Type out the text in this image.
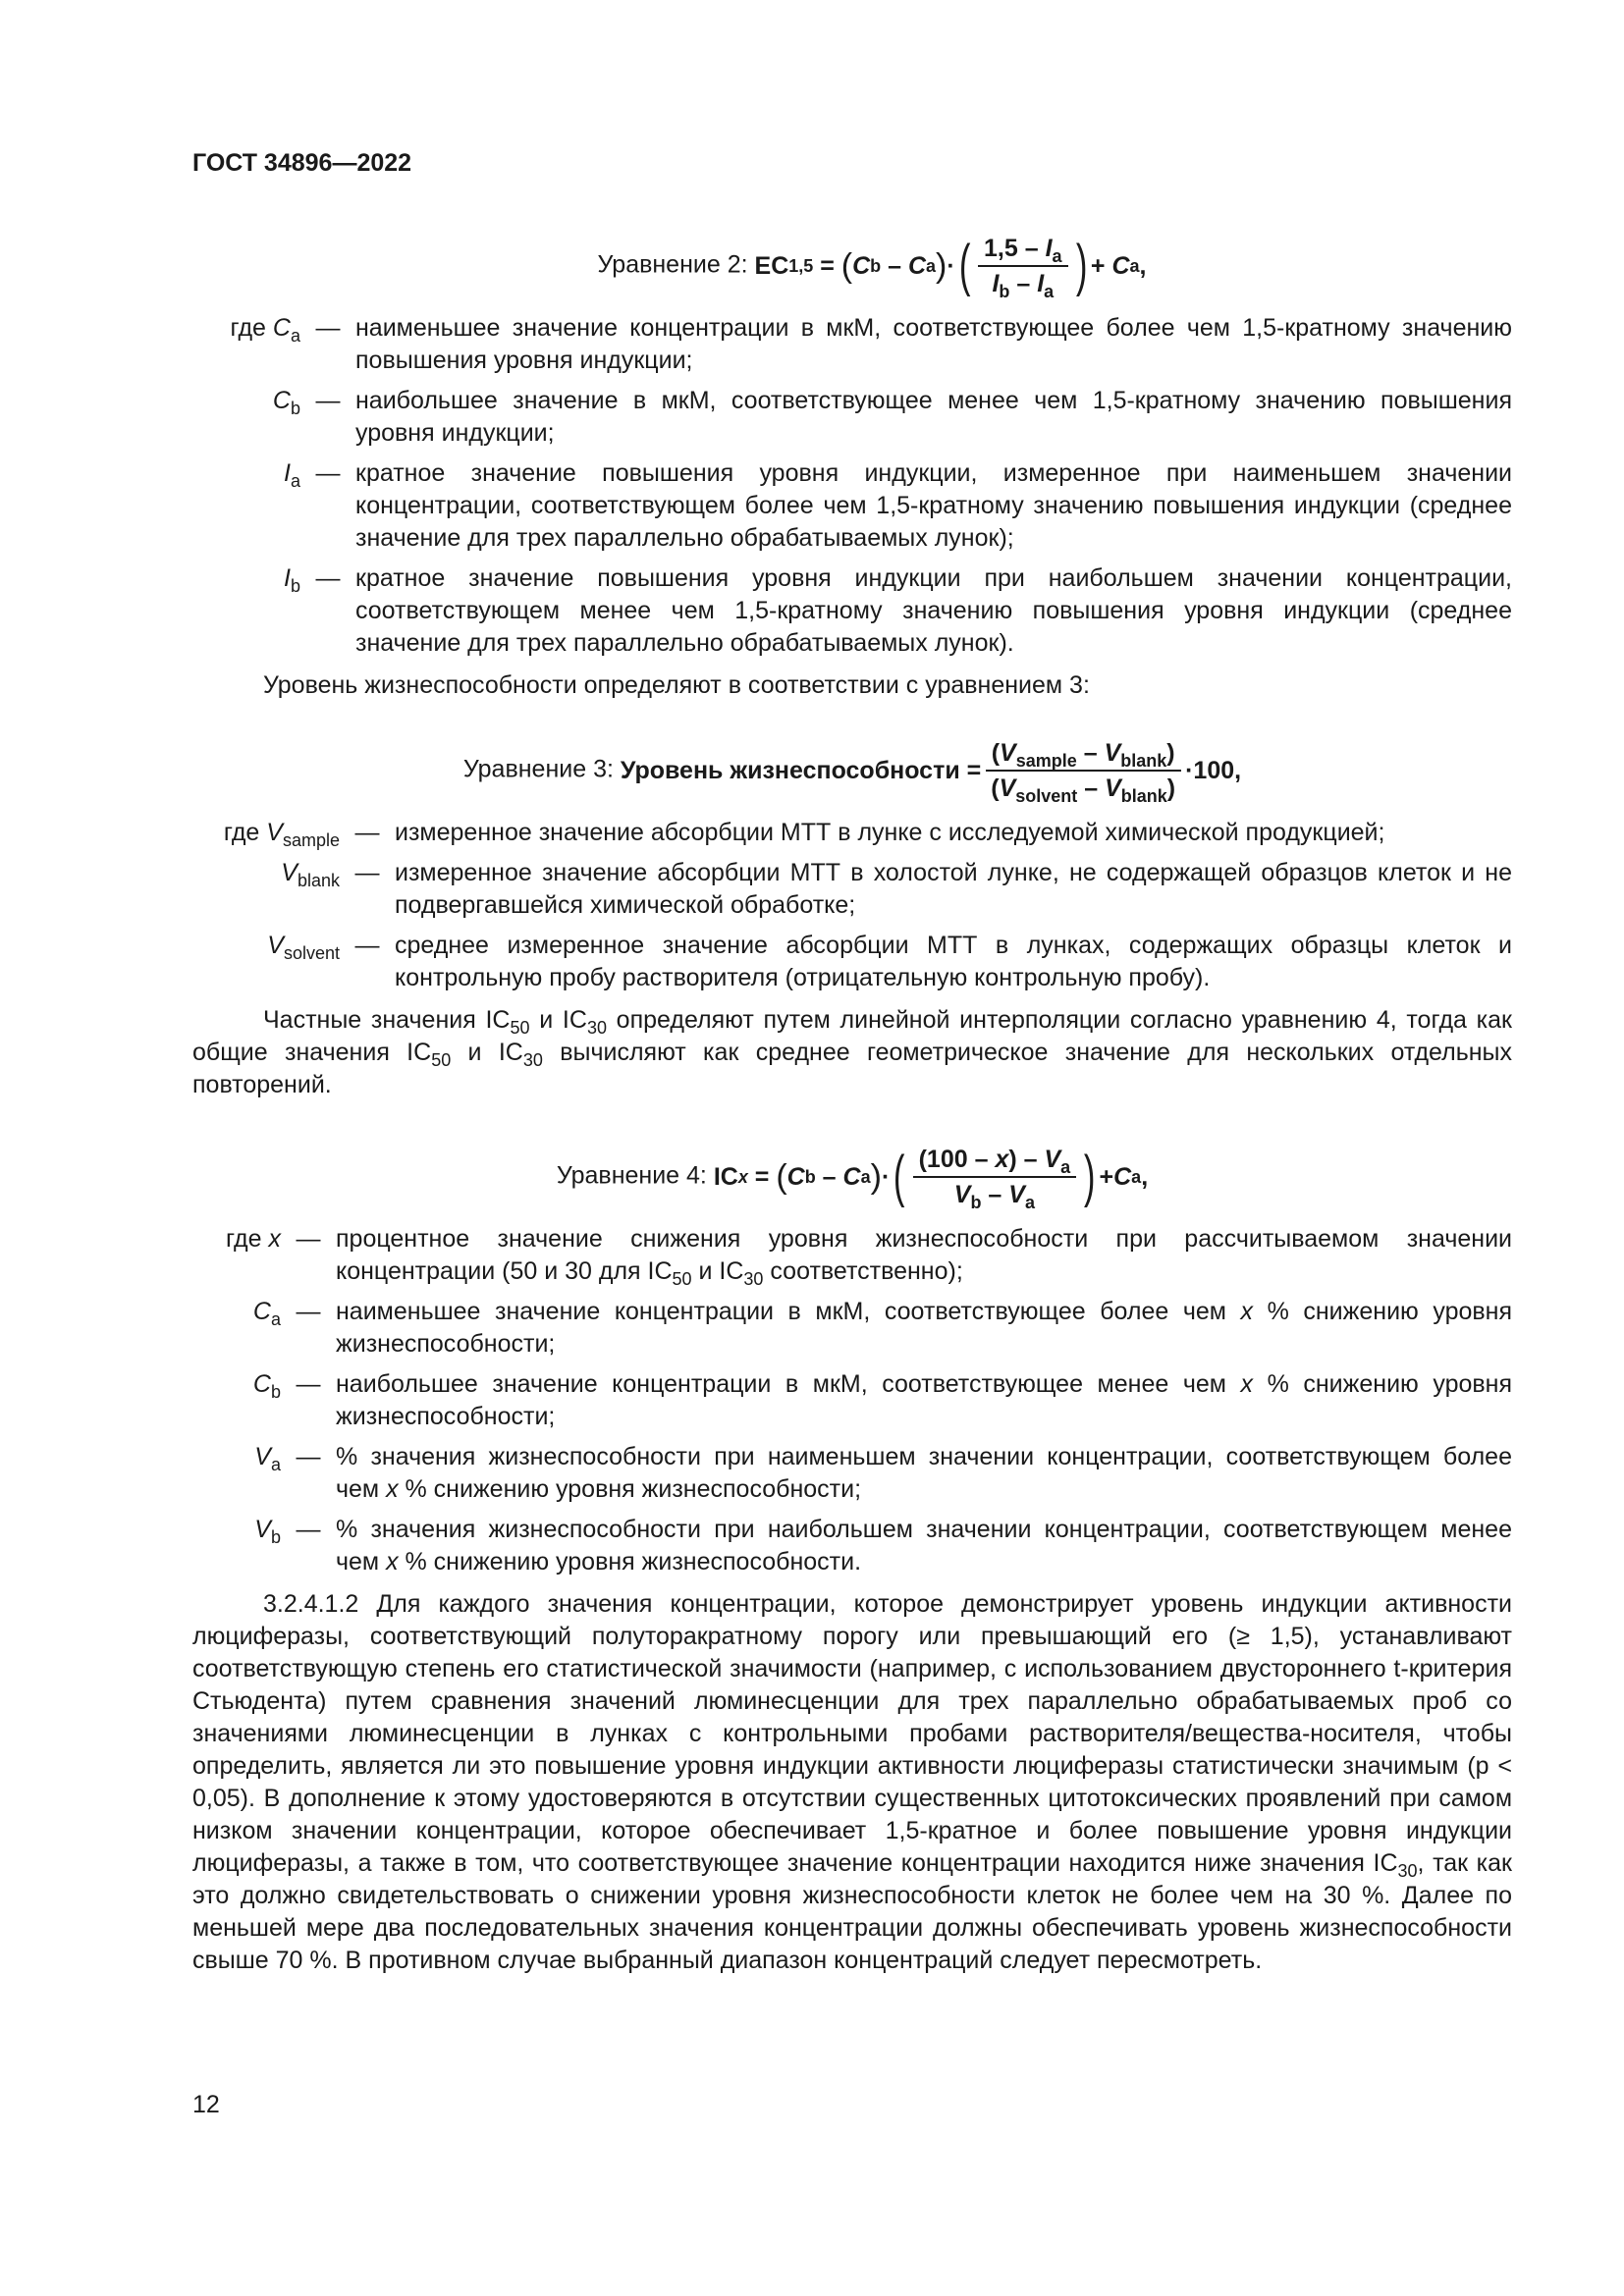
ГОСТ 34896—2022
Уравнение 2: EC 1,5 = ( C b – C a ) · ( $\frac{1,5 - I_a}{I_b - I_a}$ ) + C a ,
где $C_a$ — наименьшее значение концентрации в мкМ, соответствующее более чем 1,5-кратному значению повышения уровня индукции;
$C_b$ — наибольшее значение в мкМ, соответствующее менее чем 1,5-кратному значению повышения уровня индукции;
$I_a$ — кратное значение повышения уровня индукции, измеренное при наименьшем значении концентрации, соответствующем более чем 1,5-кратному значению повышения индукции (среднее значение для трех параллельно обрабатываемых лунок);
$I_b$ — кратное значение повышения уровня индукции при наибольшем значении концентрации, соответствующем менее чем 1,5-кратному значению повышения уровня индукции (среднее значение для трех параллельно обрабатываемых лунок).

Уровень жизнеспособности определяют в соответствии с уравнением 3:

Уравнение 3: Уровень жизнеспособности = $\frac{(V_{sample} - V_{blank})}{(V_{solvent} - V_{blank})} \cdot 100$,
где $V_{sample}$ — измеренное значение абсорбции МТТ в лунке с исследуемой химической продукцией;
$V_{blank}$ — измеренное значение абсорбции МТТ в холостой лунке, не содержащей образцов клеток и не подвергавшейся химической обработке;
$V_{solvent}$ — среднее измеренное значение абсорбции МТТ в лунках, содержащих образцы клеток и контрольную пробу растворителя (отрицательную контрольную пробу).

Частные значения $IC_{50}$ и $IC_{30}$ определяют путем линейной интерполяции согласно уравнению 4, тогда как общие значения $IC_{50}$ и $IC_{30}$ вычисляют как среднее геометрическое значение для нескольких отдельных повторений.

Уравнение 4: IC x = ( C b – C a ) · ( $\frac{(100 - x) - V_a}{V_b - V_a}$ ) + C a ,
где x — процентное значение снижения уровня жизнеспособности при рассчитываемом значении концентрации (50 и 30 для $IC_{50}$ и $IC_{30}$ соответственно);
$C_a$ — наименьшее значение концентрации в мкМ, соответствующее более чем x % снижению уровня жизнеспособности;
$C_b$ — наибольшее значение концентрации в мкМ, соответствующее менее чем x % снижению уровня жизнеспособности;
$V_a$ — % значения жизнеспособности при наименьшем значении концентрации, соответствующем более чем x % снижению уровня жизнеспособности;
$V_b$ — % значения жизнеспособности при наибольшем значении концентрации, соответствующем менее чем x % снижению уровня жизнеспособности.

3.2.4.1.2 Для каждого значения концентрации, которое демонстрирует уровень индукции активности люциферазы, соответствующий полуторакратному порогу или превышающий его (≥ 1,5), устанавливают соответствующую степень его статистической значимости (например, с использованием двустороннего t-критерия Стьюдента) путем сравнения значений люминесценции для трех параллельно обрабатываемых проб со значениями люминесценции в лунках с контрольными пробами растворителя/вещества-носителя, чтобы определить, является ли это повышение уровня индукции активности люциферазы статистически значимым (p < 0,05). В дополнение к этому удостоверяются в отсутствии существенных цитотоксических проявлений при самом низком значении концентрации, которое обеспечивает 1,5-кратное и более повышение уровня индукции люциферазы, а также в том, что соответствующее значение концентрации находится ниже значения $IC_{30}$, так как это должно свидетельствовать о снижении уровня жизнеспособности клеток не более чем на 30 %. Далее по меньшей мере два последовательных значения концентрации должны обеспечивать уровень жизнеспособности свыше 70 %. В противном случае выбранный диапазон концентраций следует пересмотреть.

12
